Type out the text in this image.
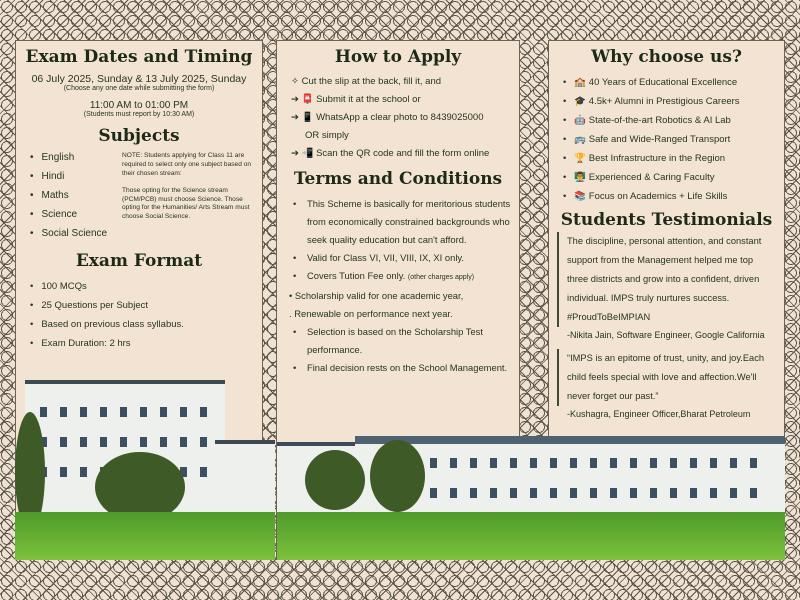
Exam Dates and Timing
06 July 2025, Sunday & 13 July 2025, Sunday
(Choose any one date while submitting the form)
11:00 AM to 01:00 PM
(Students must report by 10:30 AM)
Subjects
• English
• Hindi
• Maths
• Science
• Social Science

NOTE: Students applying for Class 11 are required to select only one subject based on their chosen stream:

Those opting for the Science stream (PCM/PCB) must choose Science. Those opting for the Humanities/ Arts Stream must choose Social Science.

Exam Format
• 100 MCQs
• 25 Questions per Subject
• Based on previous class syllabus.
• Exam Duration: 2 hrs
How to Apply
✧ Cut the slip at the back, fill it, and
➔ 📮 Submit it at the school or
➔ 📱 WhatsApp a clear photo to 8439025000
OR simply
➔ 📲 Scan the QR code and fill the form online
Terms and Conditions
• This Scheme is basically for meritorious students from economically constrained backgrounds who seek quality education but can't afford.
• Valid for Class VI, VII, VIII, IX, XI only.
• Covers Tution Fee only. (other charges apply)
• Scholarship valid for one academic year,
. Renewable on performance next year.
• Selection is based on the Scholarship Test performance.
• Final decision rests on the School Management.
Why choose us?
• 🏫 40 Years of Educational Excellence
• 🎓 4.5k+ Alumni in Prestigious Careers
• 🤖 State-of-the-art Robotics & AI Lab
• 🚌 Safe and Wide-Ranged Transport
• 🏆 Best Infrastructure in the Region
• 👨‍🏫 Experienced & Caring Faculty
• 📚 Focus on Academics + Life Skills
Students Testimonials
The discipline, personal attention, and constant support from the Management helped me top three districts and grow into a confident, driven individual. IMPS truly nurtures success. #ProudToBeIMPIAN
-Nikita Jain, Software Engineer, Google California
“IMPS is an epitome of trust, unity, and joy.Each child feels special with love and affection.We'll never forget our past.”
-Kushagra, Engineer Officer,Bharat Petroleum
